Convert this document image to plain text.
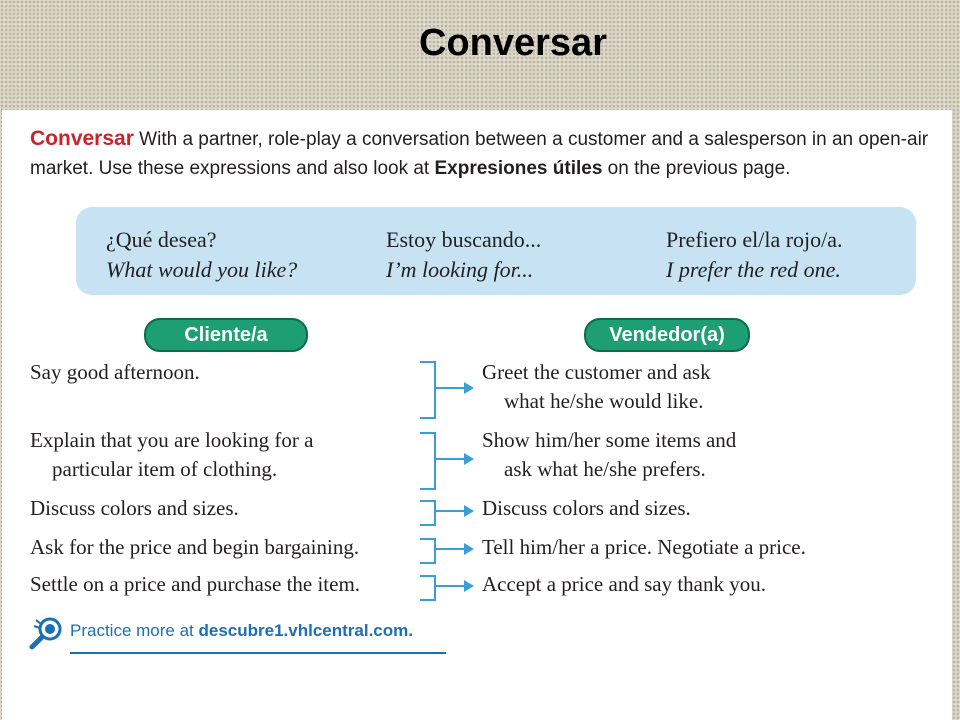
Conversar
Conversar With a partner, role-play a conversation between a customer and a salesperson in an open-air market. Use these expressions and also look at Expresiones útiles on the previous page.
¿Qué desea?
What would you like?
Estoy buscando...
I’m looking for...
Prefiero el/la rojo/a.
I prefer the red one.
Cliente/a	Vendedor(a)
Say good afternoon.
Explain that you are looking for a
particular item of clothing.
Discuss colors and sizes.
Ask for the price and begin bargaining.
Settle on a price and purchase the item.
Greet the customer and ask
what he/she would like.
Show him/her some items and
ask what he/she prefers.
Discuss colors and sizes.
Tell him/her a price. Negotiate a price.
Accept a price and say thank you.
Practice more at descubre1.vhlcentral.com.
